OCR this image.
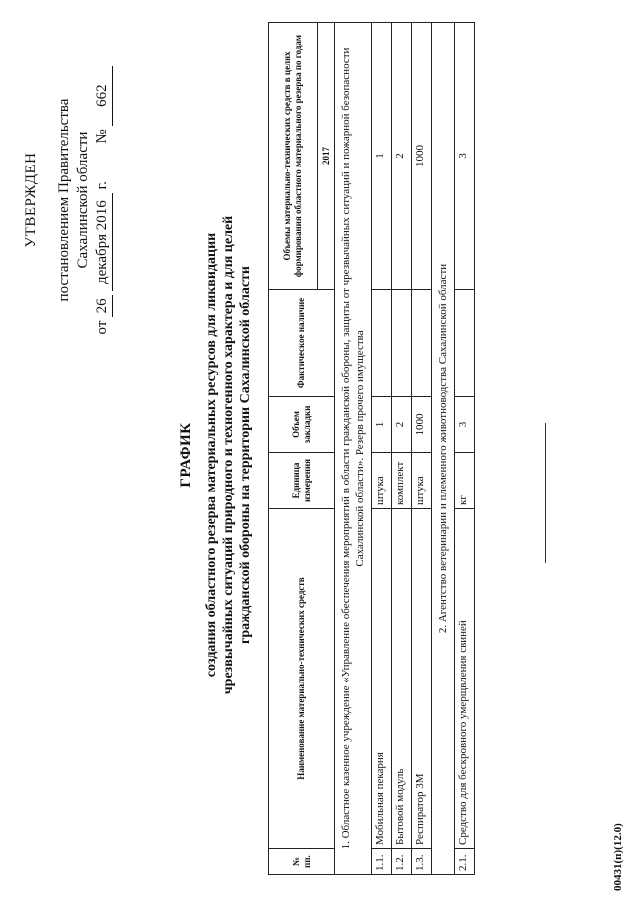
УТВЕРЖДЕН постановлением Правительства Сахалинской области
от 26 декабря 2016 г.  № 662
ГРАФИК создания областного резерва материальных ресурсов для ликвидации чрезвычайных ситуаций природного и техногенного характера и для целей гражданской обороны на территории Сахалинской области
№ пп.	Наименование материально-технических средств	Единица измерения	Объем закладки	Фактическое наличие	Объемы материально-технических средств в целях формирования областного материального резерва по годам
					2017
1. Областное казенное учреждение «Управление обеспечения мероприятий в области гражданской обороны, защиты от чрезвычайных ситуаций и пожарной безопасности Сахалинской области». Резерв прочего имущества					
1.1.	Мобильная пекарня	штука	1		1
1.2.	Бытовой модуль	комплект	2		2
1.3.	Респиратор 3М	штука	1000		1000
2. Агентство ветеринарии и племенного животноводства Сахалинской области					
2.1.	Средство для бескровного умерщвления свиней	кг	3		3
00431(п)(12.0)
